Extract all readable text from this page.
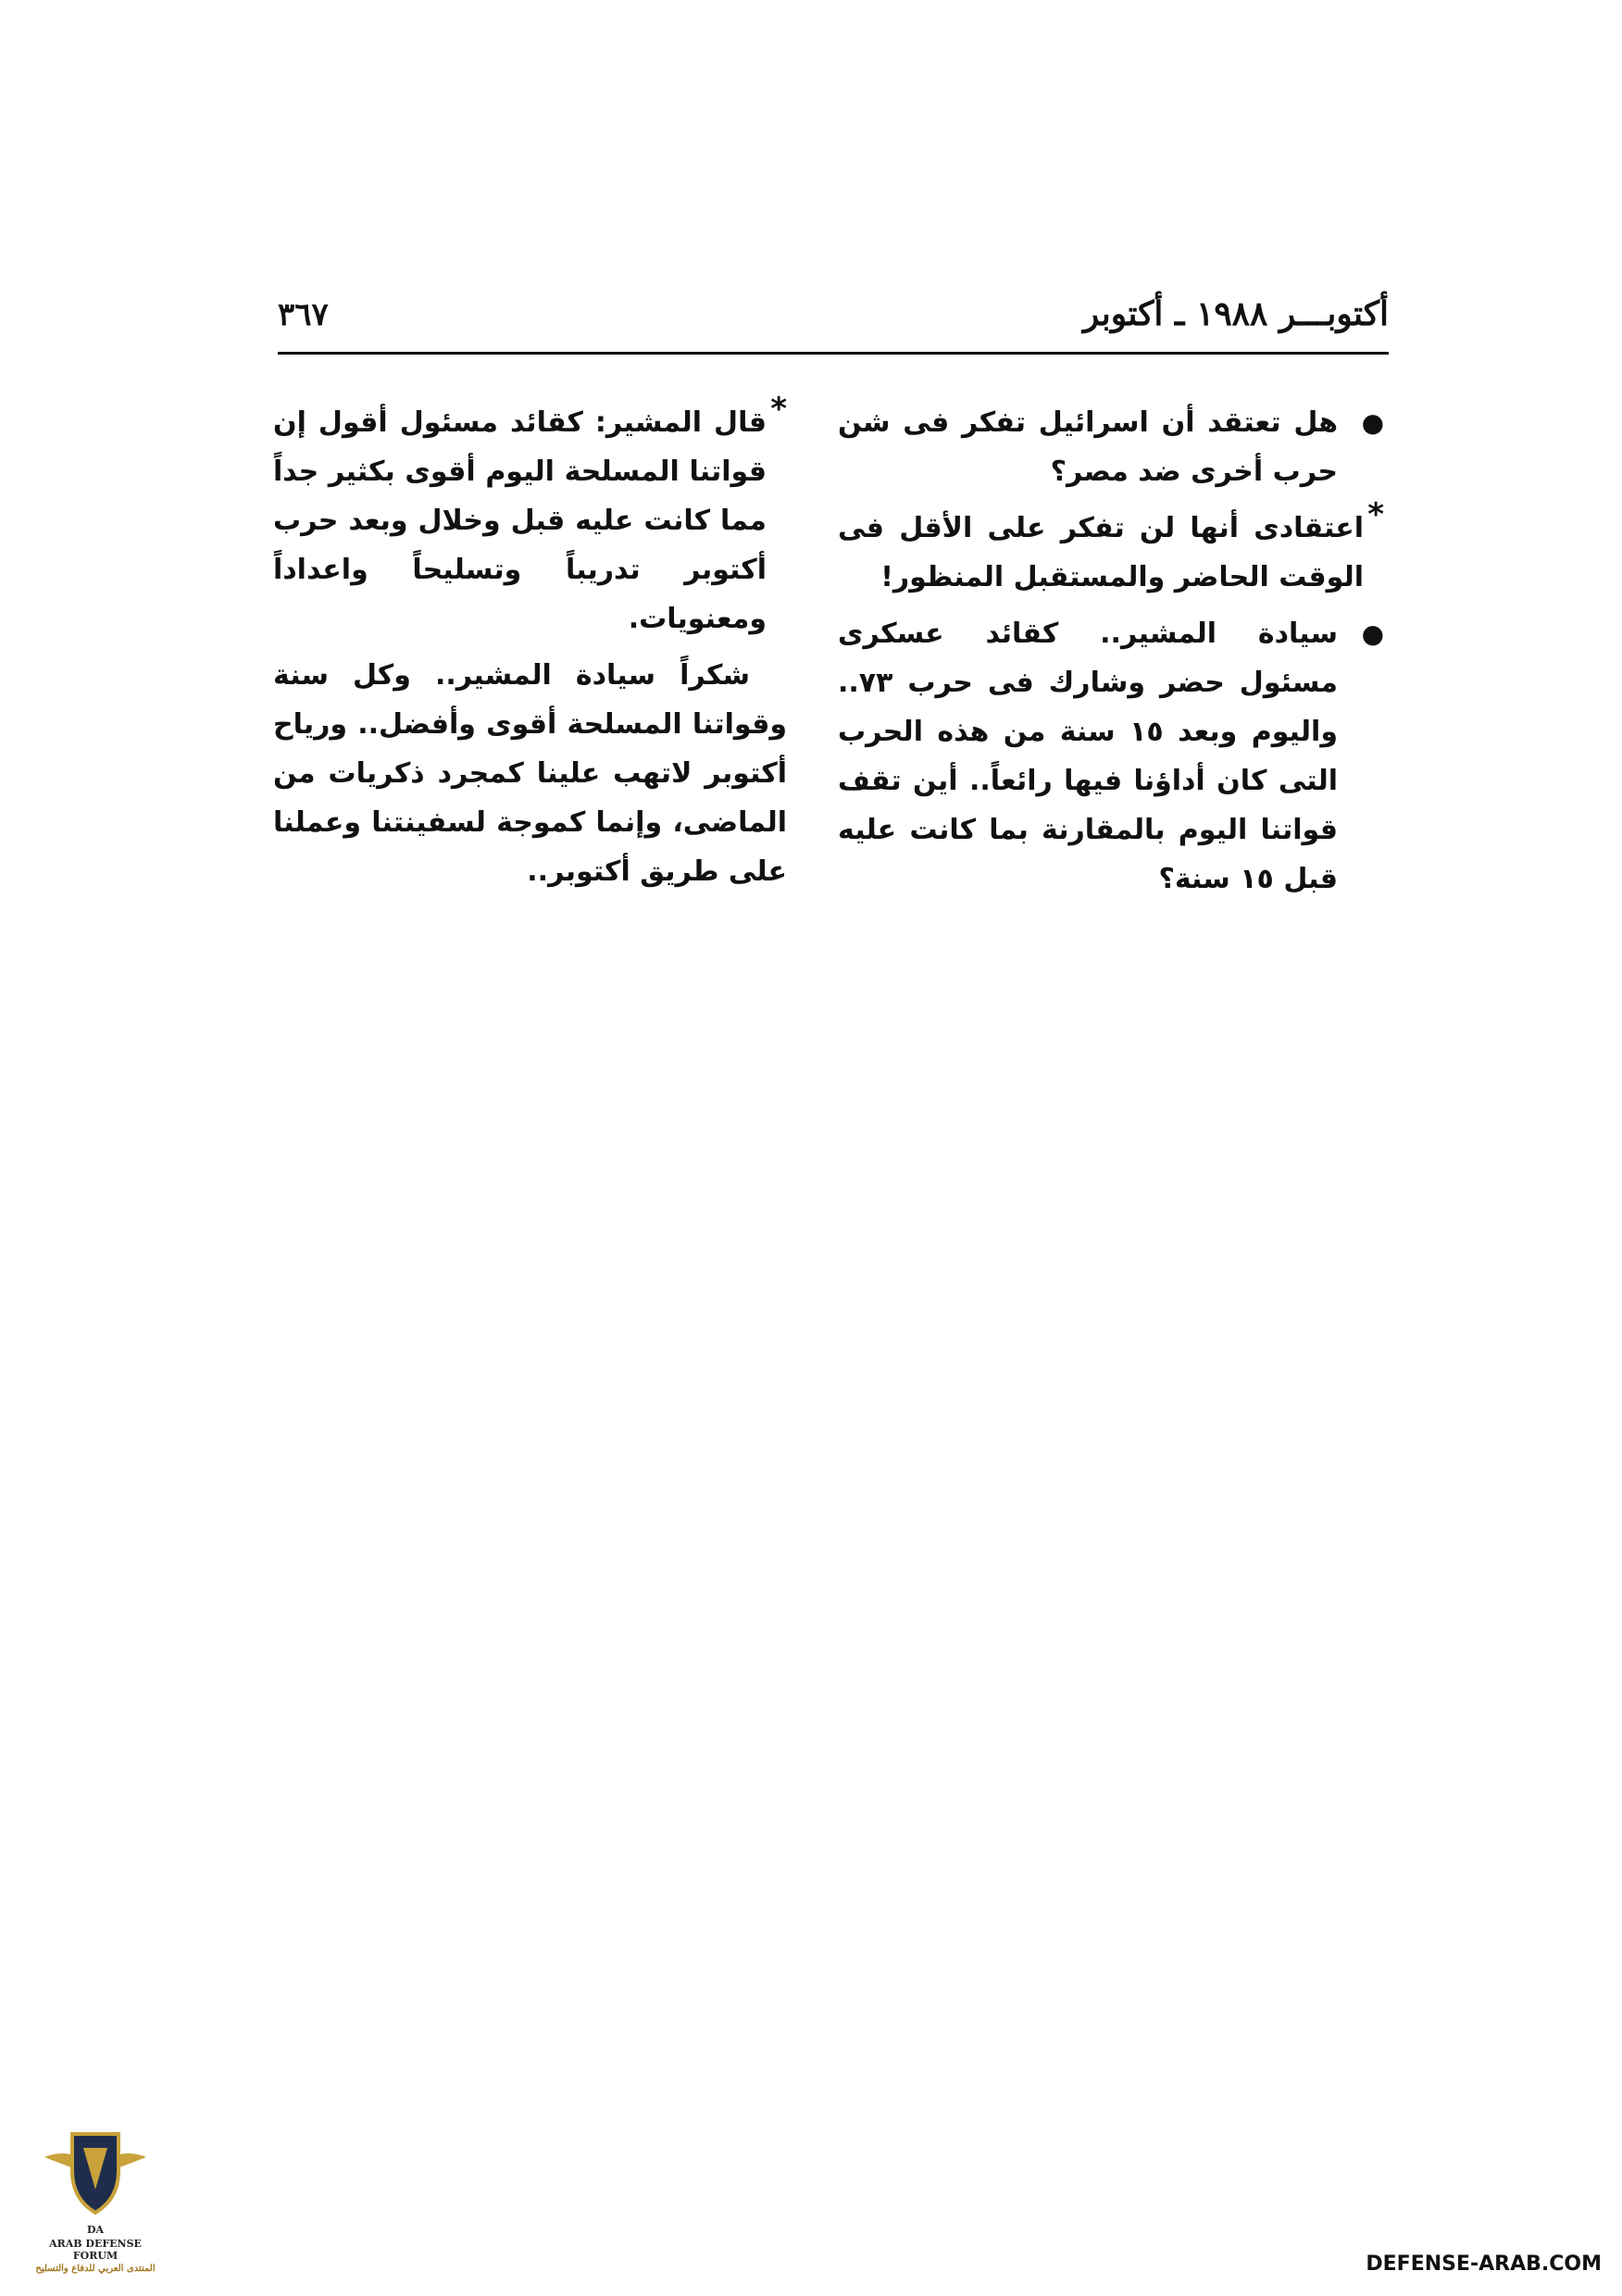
أكتوبـــر ١٩٨٨ ـ أكتوبر
٣٦٧

●
هل تعتقد أن اسرائيل تفكر فى شن حرب أخرى ضد مصر؟

*
اعتقادى أنها لن تفكر على الأقل فى الوقت الحاضر والمستقبل المنظور!

●
سيادة المشير.. كقائد عسكرى مسئول حضر وشارك فى حرب ٧٣.. واليوم وبعد ١٥ سنة من هذه الحرب التى كان أداؤنا فيها رائعاً.. أين تقف قواتنا اليوم بالمقارنة بما كانت عليه قبل ١٥ سنة؟

*
قال المشير: كقائد مسئول أقول إن قواتنا المسلحة اليوم أقوى بكثير جداً مما كانت عليه قبل وخلال وبعد حرب أكتوبر تدريباً وتسليحاً واعداداً ومعنويات.

شكراً سيادة المشير.. وكل سنة وقواتنا المسلحة أقوى وأفضل.. ورياح أكتوبر لاتهب علينا كمجرد ذكريات من الماضى، وإنما كموجة لسفينتنا وعملنا على طريق أكتوبر..

DA
ARAB DEFENSE FORUM
المنتدى العربي للدفاع والتسليح	DEFENSE-ARAB.COM
